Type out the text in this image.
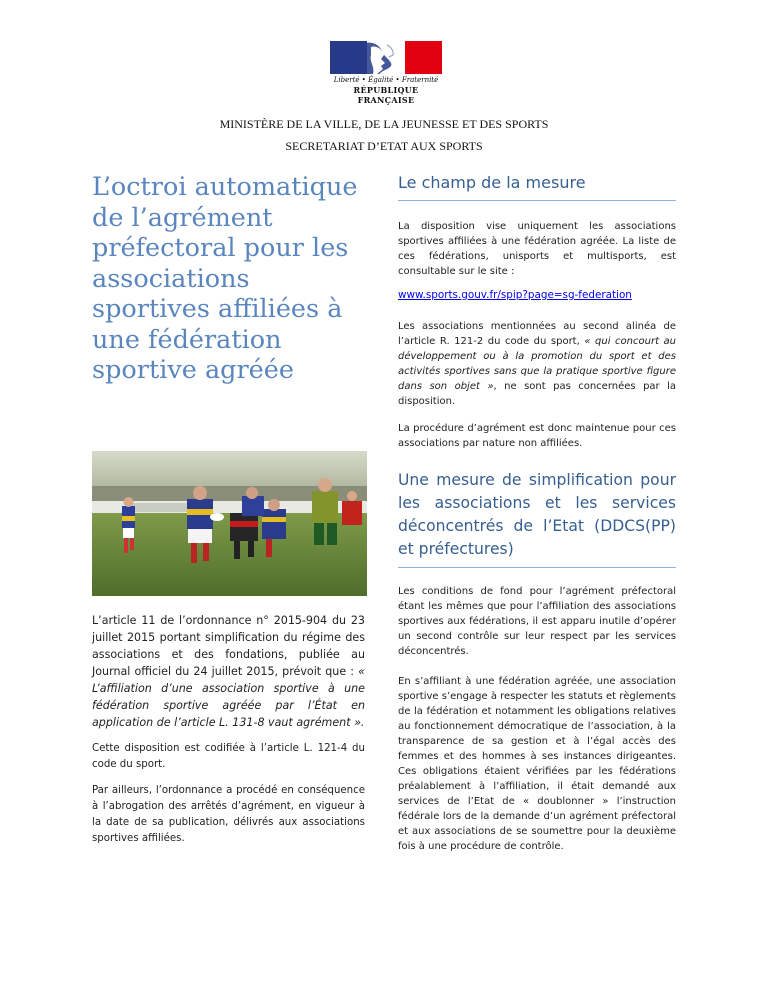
Liberté • Égalité • Fraternité
RÉPUBLIQUE FRANÇAISE
MINISTÈRE DE LA VILLE, DE LA JEUNESSE ET DES SPORTS
SECRETARIAT D’ETAT AUX SPORTS
L’octroi automatique de l’agrément préfectoral pour les associations sportives affiliées à une fédération sportive agréée

L’article 11 de l’ordonnance n° 2015-904 du 23 juillet 2015 portant simplification du régime des associations et des fondations, publiée au Journal officiel du 24 juillet 2015, prévoit que : « L’affiliation d’une association sportive à une fédération sportive agréée par l’État en application de l’article L. 131-8 vaut agrément ».

Cette disposition est codifiée à l’article L. 121-4 du code du sport.

Par ailleurs, l’ordonnance a procédé en conséquence à l’abrogation des arrêtés d’agrément, en vigueur à la date de sa publication, délivrés aux associations sportives affiliées.

Le champ de la mesure

La disposition vise uniquement les associations sportives affiliées à une fédération agréée. La liste de ces fédérations, unisports et multisports, est consultable sur le site :

www.sports.gouv.fr/spip?page=sg-federation

Les associations mentionnées au second alinéa de l’article R. 121-2 du code du sport, « qui concourt au développement ou à la promotion du sport et des activités sportives sans que la pratique sportive figure dans son objet », ne sont pas concernées par la disposition.

La procédure d’agrément est donc maintenue pour ces associations par nature non affiliées.

Une mesure de simplification pour les associations et les services déconcentrés de l’Etat (DDCS(PP) et préfectures)

Les conditions de fond pour l’agrément préfectoral étant les mêmes que pour l’affiliation des associations sportives aux fédérations, il est apparu inutile d’opérer un second contrôle sur leur respect par les services déconcentrés.

En s’affiliant à une fédération agréée, une association sportive s’engage à respecter les statuts et règlements de la fédération et notamment les obligations relatives au fonctionnement démocratique de l’association, à la transparence de sa gestion et à l’égal accès des femmes et des hommes à ses instances dirigeantes. Ces obligations étaient vérifiées par les fédérations préalablement à l’affiliation, il était demandé aux services de l’Etat de « doublonner » l’instruction fédérale lors de la demande d’un agrément préfectoral et aux associations de se soumettre pour la deuxième fois à une procédure de contrôle.
